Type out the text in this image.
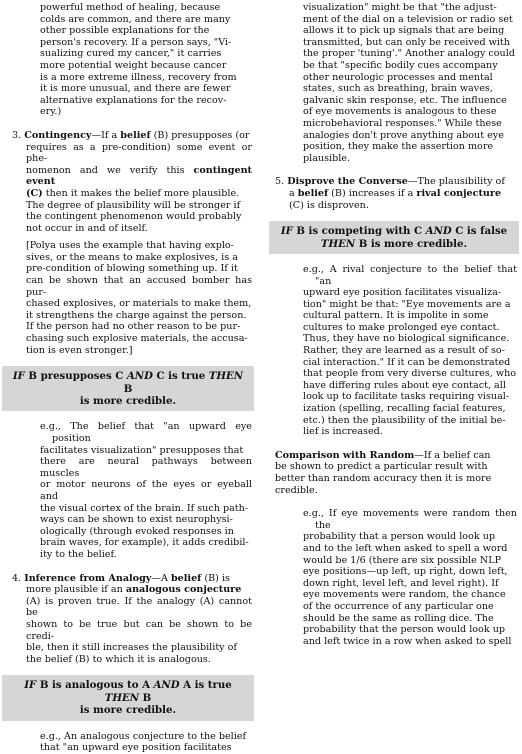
powerful method of healing, because
colds are common, and there are many
other possible explanations for the
person's recovery. If a person says, "Vi-
sualizing cured my cancer," it carries
more potential weight because cancer
is a more extreme illness, recovery from
it is more unusual, and there are fewer
alternative explanations for the recov-
ery.)
3. Contingency—If a belief (B) presupposes (or
requires as a pre-condition) some event or phe-
nomenon and we verify this contingent event
(C) then it makes the belief more plausible.
The degree of plausibility will be stronger if
the contingent phenomenon would probably
not occur in and of itself.
[Polya uses the example that having explo-
sives, or the means to make explosives, is a
pre-condition of blowing something up. If it
can be shown that an accused bomber has pur-
chased explosives, or materials to make them,
it strengthens the charge against the person.
If the person had no other reason to be pur-
chasing such explosive materials, the accusa-
tion is even stronger.]
IF B presupposes C AND C is true THEN B
is more credible.
e.g., The belief that "an upward eye position
facilitates visualization" presupposes that
there are neural pathways between muscles
or motor neurons of the eyes or eyeball and
the visual cortex of the brain. If such path-
ways can be shown to exist neurophysi-
ologically (through evoked responses in
brain waves, for example), it adds credibil-
ity to the belief.
4. Inference from Analogy—A belief (B) is
more plausible if an analogous conjecture
(A) is proven true. If the analogy (A) cannot be
shown to be true but can be shown to be credi-
ble, then it still increases the plausibility of
the belief (B) to which it is analogous.
IF B is analogous to A AND A is true THEN B
is more credible.
e.g., An analogous conjecture to the belief
that "an upward eye position facilitates
visualization" might be that "the adjust-
ment of the dial on a television or radio set
allows it to pick up signals that are being
transmitted, but can only be received with
the proper 'tuning'." Another analogy could
be that "specific bodily cues accompany
other neurologic processes and mental
states, such as breathing, brain waves,
galvanic skin response, etc. The influence
of eye movements is analogous to these
microbehavioral responses." While these
analogies don't prove anything about eye
position, they make the assertion more
plausible.
5. Disprove the Converse—The plausibility of
a belief (B) increases if a rival conjecture
(C) is disproven.
IF B is competing with C AND C is false
THEN B is more credible.
e.g., A rival conjecture to the belief that "an
upward eye position facilitates visualiza-
tion" might be that: "Eye movements are a
cultural pattern. It is impolite in some
cultures to make prolonged eye contact.
Thus, they have no biological significance.
Rather, they are learned as a result of so-
cial interaction." If it can be demonstrated
that people from very diverse cultures, who
have differing rules about eye contact, all
look up to facilitate tasks requiring visual-
ization (spelling, recalling facial features,
etc.) then the plausibility of the initial be-
lief is increased.
Comparison with Random—If a belief can
be shown to predict a particular result with
better than random accuracy then it is more
credible.
e.g., If eye movements were random then the
probability that a person would look up
and to the left when asked to spell a word
would be 1/6 (there are six possible NLP
eye positions—up left, up right, down left,
down right, level left, and level right). If
eye movements were random, the chance
of the occurrence of any particular one
should be the same as rolling dice. The
probability that the person would look up
and left twice in a row when asked to spell
